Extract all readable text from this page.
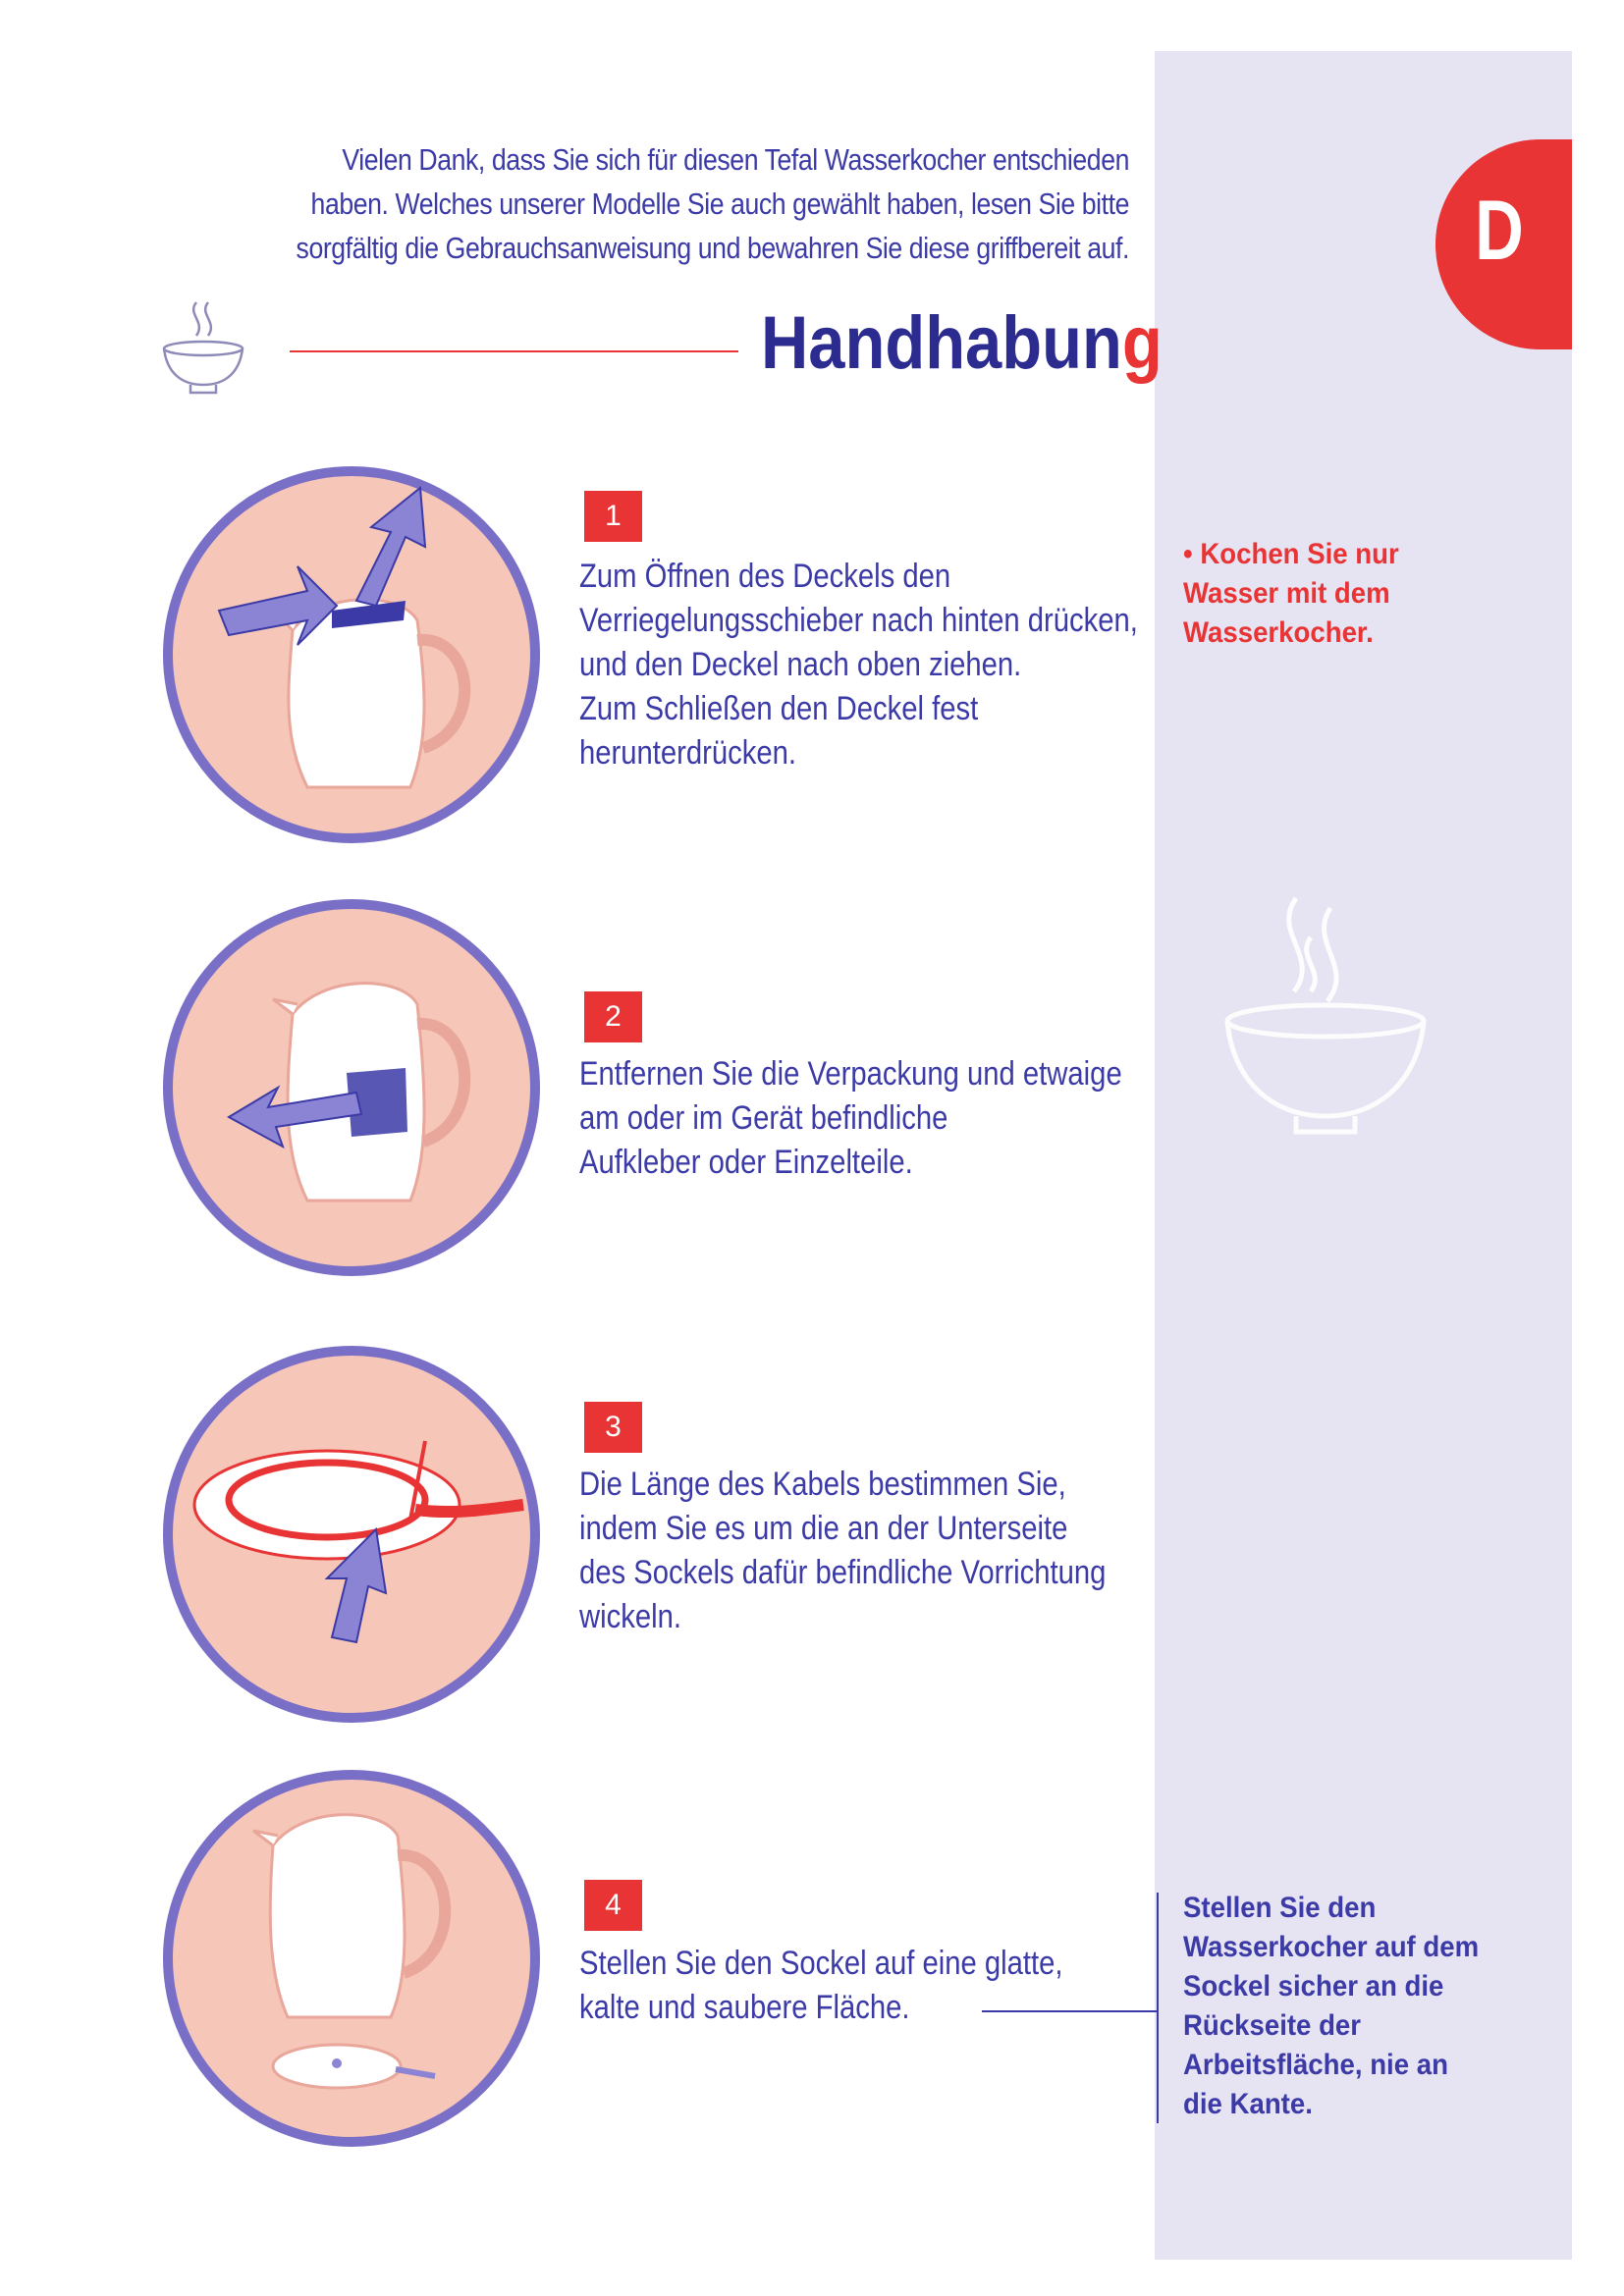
D
Vielen Dank, dass Sie sich für diesen Tefal Wasserkocher entschieden
haben. Welches unserer Modelle Sie auch gewählt haben, lesen Sie bitte
sorgfältig die Gebrauchsanweisung und bewahren Sie diese griffbereit auf.
Handhabung
1
Zum Öffnen des Deckels den
Verriegelungsschieber nach hinten drücken,
und den Deckel nach oben ziehen.
Zum Schließen den Deckel fest
herunterdrücken.
2
Entfernen Sie die Verpackung und etwaige
am oder im Gerät befindliche
Aufkleber oder Einzelteile.
3
Die Länge des Kabels bestimmen Sie,
indem Sie es um die an der Unterseite
des Sockels dafür befindliche Vorrichtung
wickeln.
4
Stellen Sie den Sockel auf eine glatte,
kalte und saubere Fläche.
• Kochen Sie nur
Wasser mit dem
Wasserkocher.
Stellen Sie den
Wasserkocher auf dem
Sockel sicher an die
Rückseite der
Arbeitsfläche, nie an
die Kante.
